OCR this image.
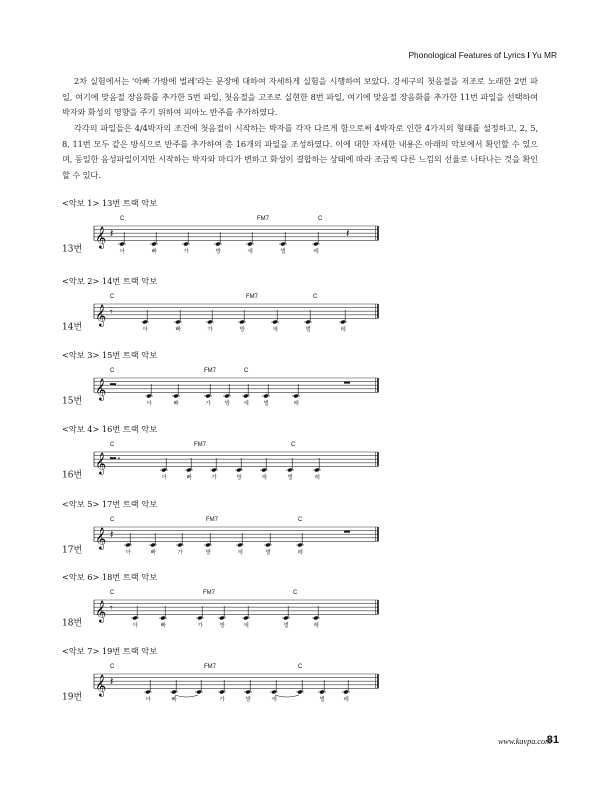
Phonological Features of Lyrics I Yu MR

2차 실험에서는 '아빠 가방에 벌레'라는 문장에 대하여 자세하게 실험을 시행하여 보았다. 강세구의 첫음절을 저조로 노래한 2번 파일, 여기에 맞음절 장음화를 추가한 5번 파일, 첫음절을 고조로 실현한 8번 파일, 여기에 맞음절 장음화를 추가한 11번 파일을 선택하여 박자와 화성의 영향을 주기 위하여 피아노 반주를 추가하였다.

각각의 파일들은 4/4박자의 조건에 첫음절이 시작하는 박자를 각자 다르게 함으로써 4박자로 인한 4가지의 형태를 설정하고, 2, 5, 8, 11번 모두 같은 방식으로 반주를 추가하여 총 16개의 파일을 조성하였다. 이에 대한 자세한 내용은 아래의 악보에서 확인할 수 있으며, 동일한 음성파일이지만 시작하는 박자와 마디가 변하고 화성이 결합하는 상태에 따라 조금씩 다른 느낌의 선율로 나타나는 것을 확인할 수 있다.

<악보 1> 13번 트랙 악보
𝄞
13번
𝄽
C	FM7	C
𝄽
아	빠	가	방	에	벌	레
<악보 2> 14번 트랙 악보
𝄞
14번
𝄾
C	FM7	C
아	빠	가	방	에	벌	레
<악보 3> 15번 트랙 악보
𝄞
15번
C	FM7	C
아	빠	가 방 에	벌	레
<악보 4> 16번 트랙 악보
𝄞
16번
C	FM7	C
아	빠	가	방	에	벌	레
<악보 5> 17번 트랙 악보
𝄞
17번
𝄽
C	FM7	C
아	빠	가	방	에	벌	레
<악보 6> 18번 트랙 악보
𝄞
18번
𝄾
C	FM7	C
아	빠	가	방	에	벌	레
<악보 7> 19번 트랙 악보
𝄞
19번
𝄽
C	FM7	C
아	빠	가	방	에	벌	레
www.kavpa.com
81
